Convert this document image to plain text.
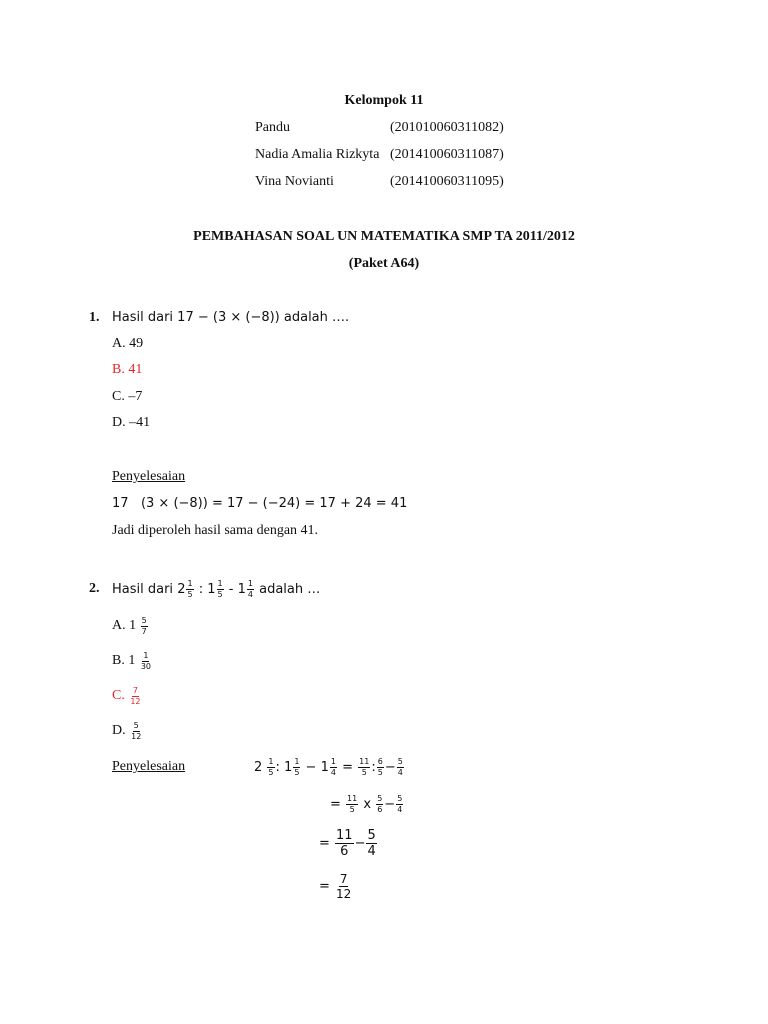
Kelompok 11
Pandu	(201010060311082)
Nadia Amalia Rizkyta (201410060311087)
Vina Novianti	(201410060311095)
PEMBAHASAN SOAL UN MATEMATIKA SMP TA 2011/2012
(Paket A64)
1. Hasil dari 17 − (3 × (−8)) adalah ….
A. 49
B. 41
C. –7
D. –41
Penyelesaian
17   (3 × (−8)) = 17 − (−24) = 17 + 24 = 41
Jadi diperoleh hasil sama dengan 41.
2. Hasil dari
$2 \frac{1}{5}$
:
$1 \frac{1}{5}$
-
$1 \frac{1}{4}$
adalah …
A. 1
$\frac{5}{7}$
B. 1
$\frac{1}{30}$
C.
$\frac{7}{12}$
D.
$\frac{5}{12}$
Penyelesaian	2
$\frac{1}{5}$ :
$1 \frac{1}{5} - 1 \frac{1}{4} = \frac{11}{5}$ : $\frac{6}{5} - \frac{5}{4}$
= $\frac{11}{5}$
x
$\frac{5}{6} - \frac{5}{4}$
= $\frac{11}{6} - \frac{5}{4}$
= $\frac{7}{12}$
